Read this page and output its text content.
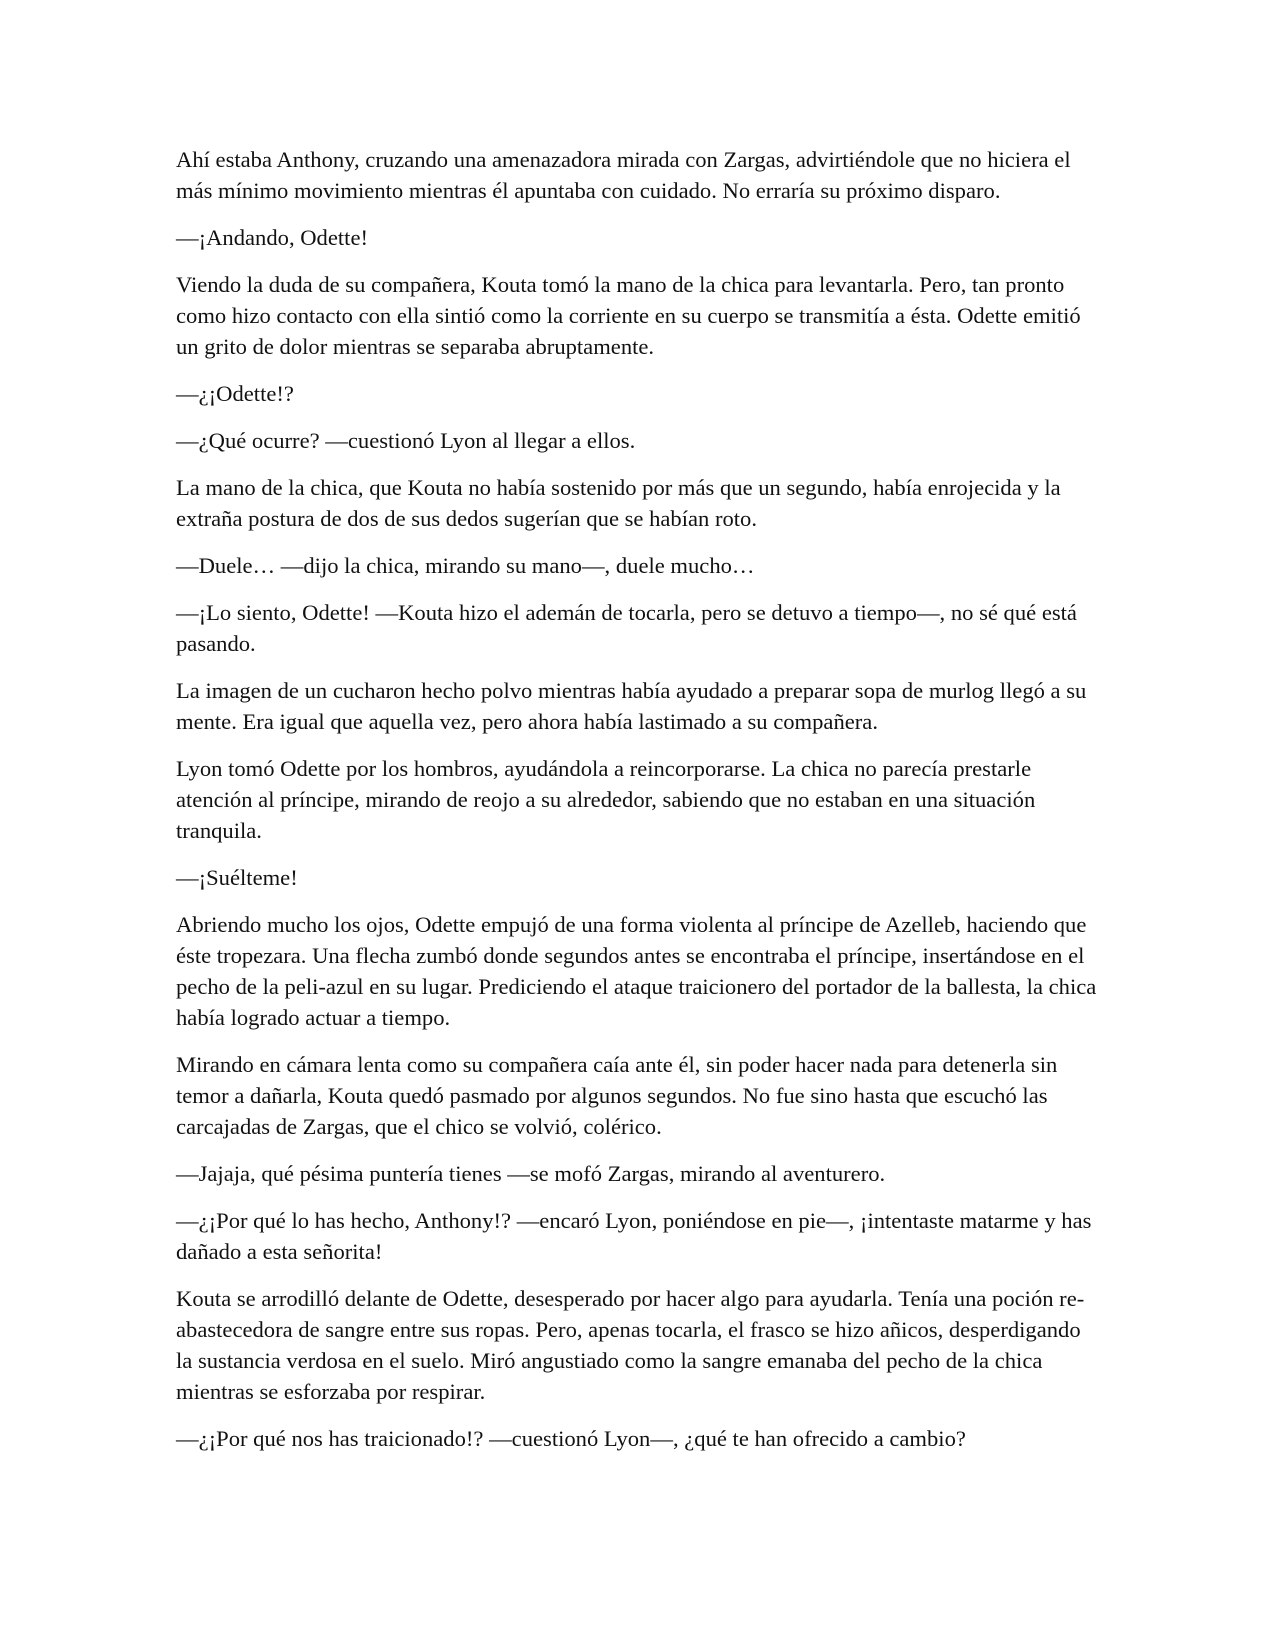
Ahí estaba Anthony, cruzando una amenazadora mirada con Zargas, advirtiéndole que no hiciera el más mínimo movimiento mientras él apuntaba con cuidado. No erraría su próximo disparo.

—¡Andando, Odette!

Viendo la duda de su compañera, Kouta tomó la mano de la chica para levantarla. Pero, tan pronto como hizo contacto con ella sintió como la corriente en su cuerpo se transmitía a ésta. Odette emitió un grito de dolor mientras se separaba abruptamente.

—¿¡Odette!?

—¿Qué ocurre? —cuestionó Lyon al llegar a ellos.

La mano de la chica, que Kouta no había sostenido por más que un segundo, había enrojecida y la extraña postura de dos de sus dedos sugerían que se habían roto.

—Duele… —dijo la chica, mirando su mano—, duele mucho…

—¡Lo siento, Odette! —Kouta hizo el ademán de tocarla, pero se detuvo a tiempo—, no sé qué está pasando.

La imagen de un cucharon hecho polvo mientras había ayudado a preparar sopa de murlog llegó a su mente. Era igual que aquella vez, pero ahora había lastimado a su compañera.

Lyon tomó Odette por los hombros, ayudándola a reincorporarse. La chica no parecía prestarle atención al príncipe, mirando de reojo a su alrededor, sabiendo que no estaban en una situación tranquila.

—¡Suélteme!

Abriendo mucho los ojos, Odette empujó de una forma violenta al príncipe de Azelleb, haciendo que éste tropezara. Una flecha zumbó donde segundos antes se encontraba el príncipe, insertándose en el pecho de la peli-azul en su lugar. Prediciendo el ataque traicionero del portador de la ballesta, la chica había logrado actuar a tiempo.

Mirando en cámara lenta como su compañera caía ante él, sin poder hacer nada para detenerla sin temor a dañarla, Kouta quedó pasmado por algunos segundos. No fue sino hasta que escuchó las carcajadas de Zargas, que el chico se volvió, colérico.

—Jajaja, qué pésima puntería tienes —se mofó Zargas, mirando al aventurero.

—¿¡Por qué lo has hecho, Anthony!? —encaró Lyon, poniéndose en pie—, ¡intentaste matarme y has dañado a esta señorita!

Kouta se arrodilló delante de Odette, desesperado por hacer algo para ayudarla. Tenía una poción re-abastecedora de sangre entre sus ropas. Pero, apenas tocarla, el frasco se hizo añicos, desperdigando la sustancia verdosa en el suelo. Miró angustiado como la sangre emanaba del pecho de la chica mientras se esforzaba por respirar.

—¿¡Por qué nos has traicionado!? —cuestionó Lyon—, ¿qué te han ofrecido a cambio?
